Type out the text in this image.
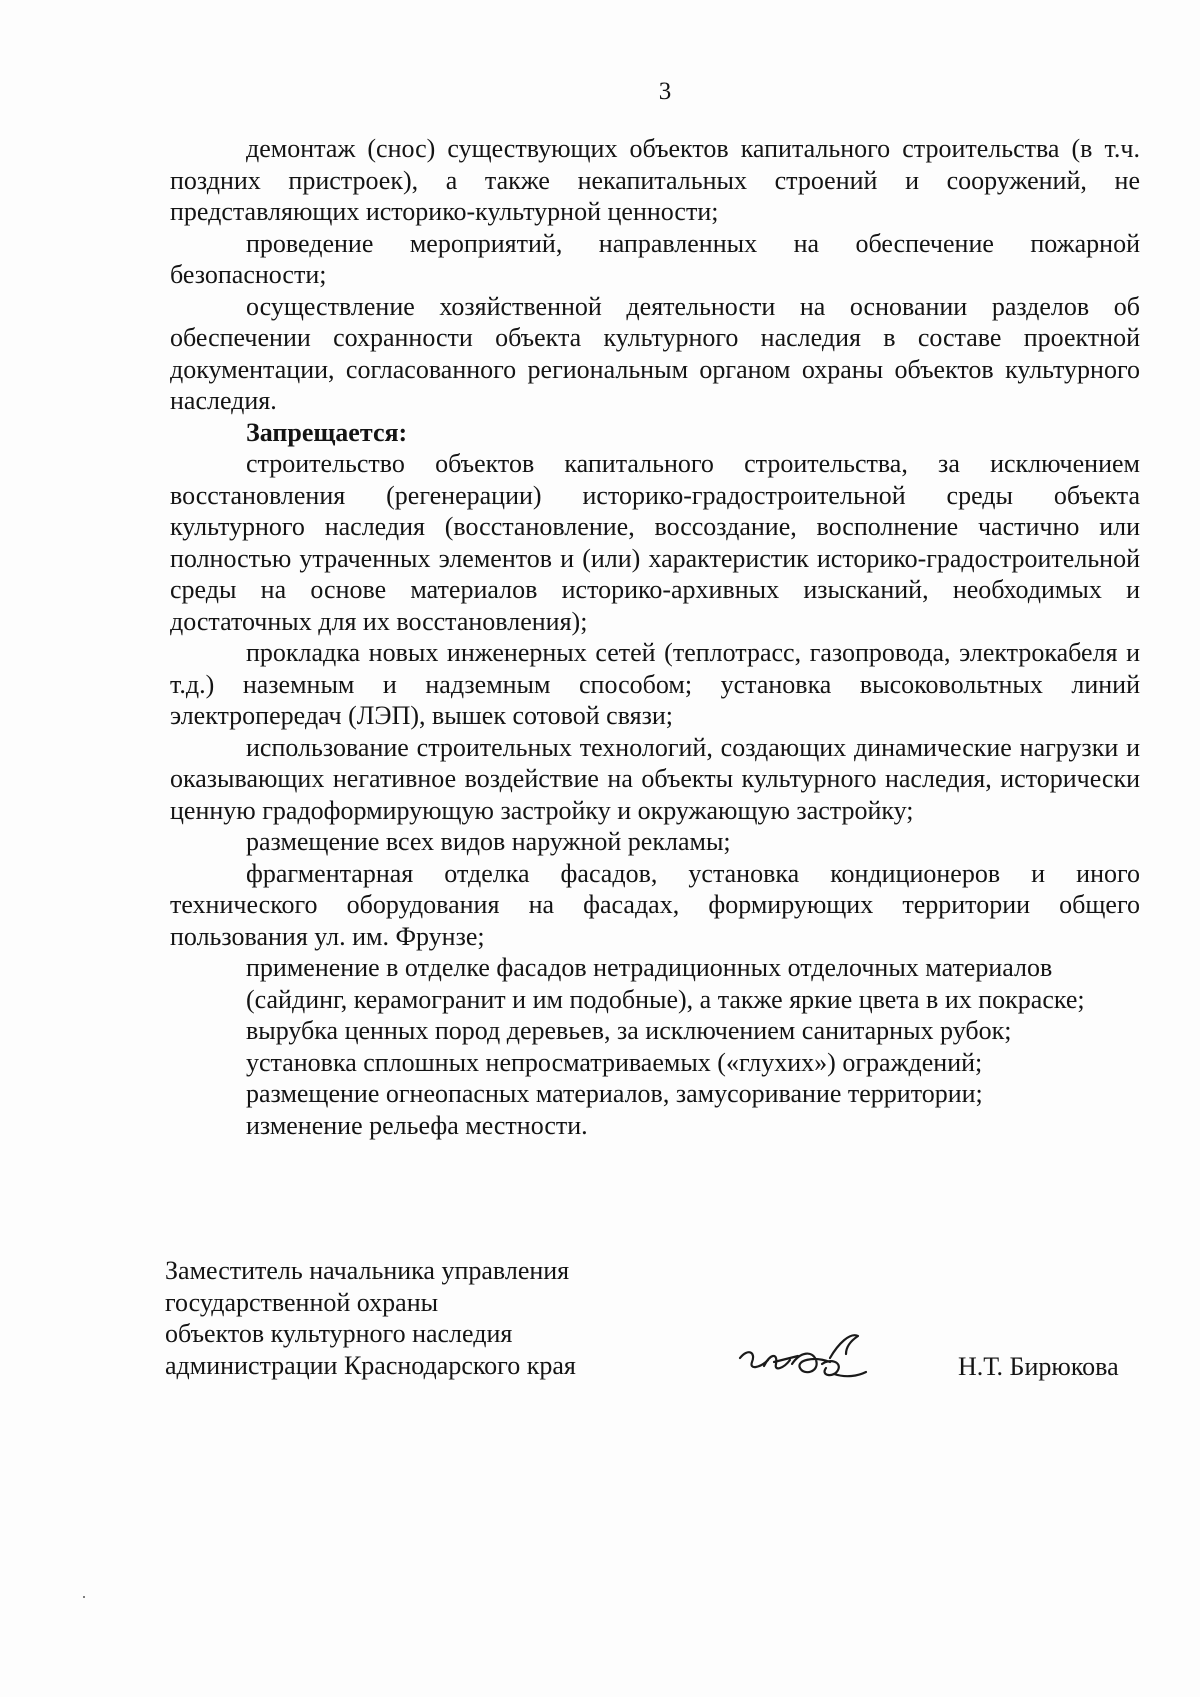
3

демонтаж (снос) существующих объектов капитального строительства (в т.ч. поздних пристроек), а также некапитальных строений и сооружений, не представляющих историко-культурной ценности;

проведение мероприятий, направленных на обеспечение пожарной безопасности;

осуществление хозяйственной деятельности на основании разделов об обеспечении сохранности объекта культурного наследия в составе проектной документации, согласованного региональным органом охраны объектов культурного наследия.

Запрещается:

строительство объектов капитального строительства, за исключением восстановления (регенерации) историко-градостроительной среды объекта культурного наследия (восстановление, воссоздание, восполнение частично или полностью утраченных элементов и (или) характеристик историко-градостроительной среды на основе материалов историко-архивных изысканий, необходимых и достаточных для их восстановления);

прокладка новых инженерных сетей (теплотрасс, газопровода, электрокабеля и т.д.) наземным и надземным способом; установка высоковольтных линий электропередач (ЛЭП), вышек сотовой связи;

использование строительных технологий, создающих динамические нагрузки и оказывающих негативное воздействие на объекты культурного наследия, исторически ценную градоформирующую застройку и окружающую застройку;

размещение всех видов наружной рекламы;

фрагментарная отделка фасадов, установка кондиционеров и иного технического оборудования на фасадах, формирующих территории общего пользования ул. им. Фрунзе;

применение в отделке фасадов нетрадиционных отделочных материалов

(сайдинг, керамогранит и им подобные), а также яркие цвета в их покраске;

вырубка ценных пород деревьев, за исключением санитарных рубок;

установка сплошных непросматриваемых («глухих») ограждений;

размещение огнеопасных материалов, замусоривание территории;

изменение рельефа местности.

Заместитель начальника управления
государственной охраны
объектов культурного наследия
администрации Краснодарского края	Н.Т. Бирюкова
